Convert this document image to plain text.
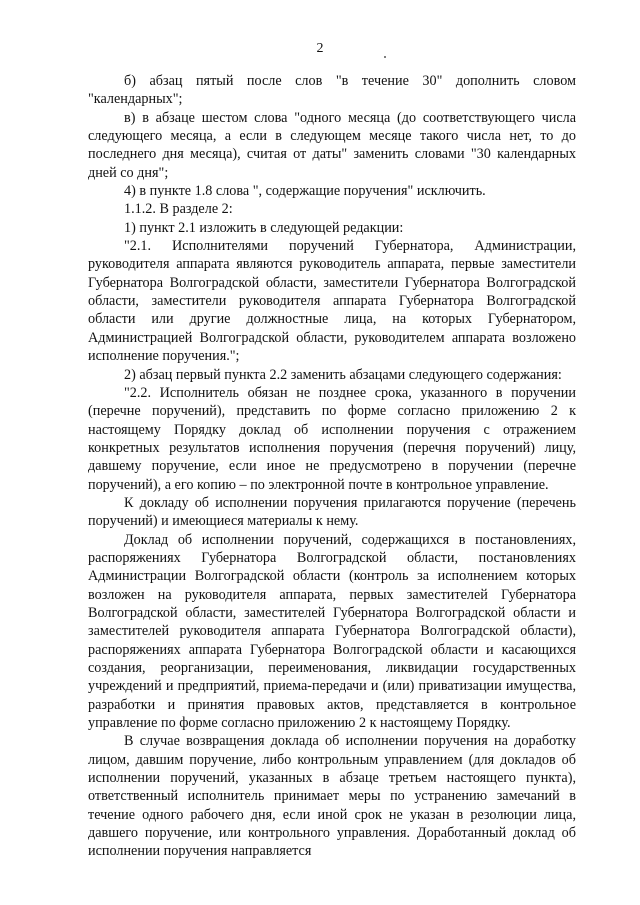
2

б) абзац пятый после слов "в течение 30" дополнить словом "календарных";

в) в абзаце шестом слова "одного месяца (до соответствующего числа следующего месяца, а если в следующем месяце такого числа нет, то до последнего дня месяца), считая от даты" заменить словами "30 календарных дней со дня";

4) в пункте 1.8 слова ", содержащие поручения" исключить.

1.1.2. В разделе 2:

1) пункт 2.1 изложить в следующей редакции:

"2.1. Исполнителями поручений Губернатора, Администрации, руководителя аппарата являются руководитель аппарата, первые заместители Губернатора Волгоградской области, заместители Губернатора Волгоградской области, заместители руководителя аппарата Губернатора Волгоградской области или другие должностные лица, на которых Губернатором, Администрацией Волгоградской области, руководителем аппарата возложено исполнение поручения.";

2) абзац первый пункта 2.2 заменить абзацами следующего содержания:

"2.2. Исполнитель обязан не позднее срока, указанного в поручении (перечне поручений), представить по форме согласно приложению 2 к настоящему Порядку доклад об исполнении поручения с отражением конкретных результатов исполнения поручения (перечня поручений) лицу, давшему поручение, если иное не предусмотрено в поручении (перечне поручений), а его копию – по электронной почте в контрольное управление.

К докладу об исполнении поручения прилагаются поручение (перечень поручений) и имеющиеся материалы к нему.

Доклад об исполнении поручений, содержащихся в постановлениях, распоряжениях Губернатора Волгоградской области, постановлениях Администрации Волгоградской области (контроль за исполнением которых возложен на руководителя аппарата, первых заместителей Губернатора Волгоградской области, заместителей Губернатора Волгоградской области и заместителей руководителя аппарата Губернатора Волгоградской области), распоряжениях аппарата Губернатора Волгоградской области и касающихся создания, реорганизации, переименования, ликвидации государственных учреждений и предприятий, приема-передачи и (или) приватизации имущества, разработки и принятия правовых актов, представляется в контрольное управление по форме согласно приложению 2 к настоящему Порядку.

В случае возвращения доклада об исполнении поручения на доработку лицом, давшим поручение, либо контрольным управлением (для докладов об исполнении поручений, указанных в абзаце третьем настоящего пункта), ответственный исполнитель принимает меры по устранению замечаний в течение одного рабочего дня, если иной срок не указан в резолюции лица, давшего поручение, или контрольного управления. Доработанный доклад об исполнении поручения направляется
